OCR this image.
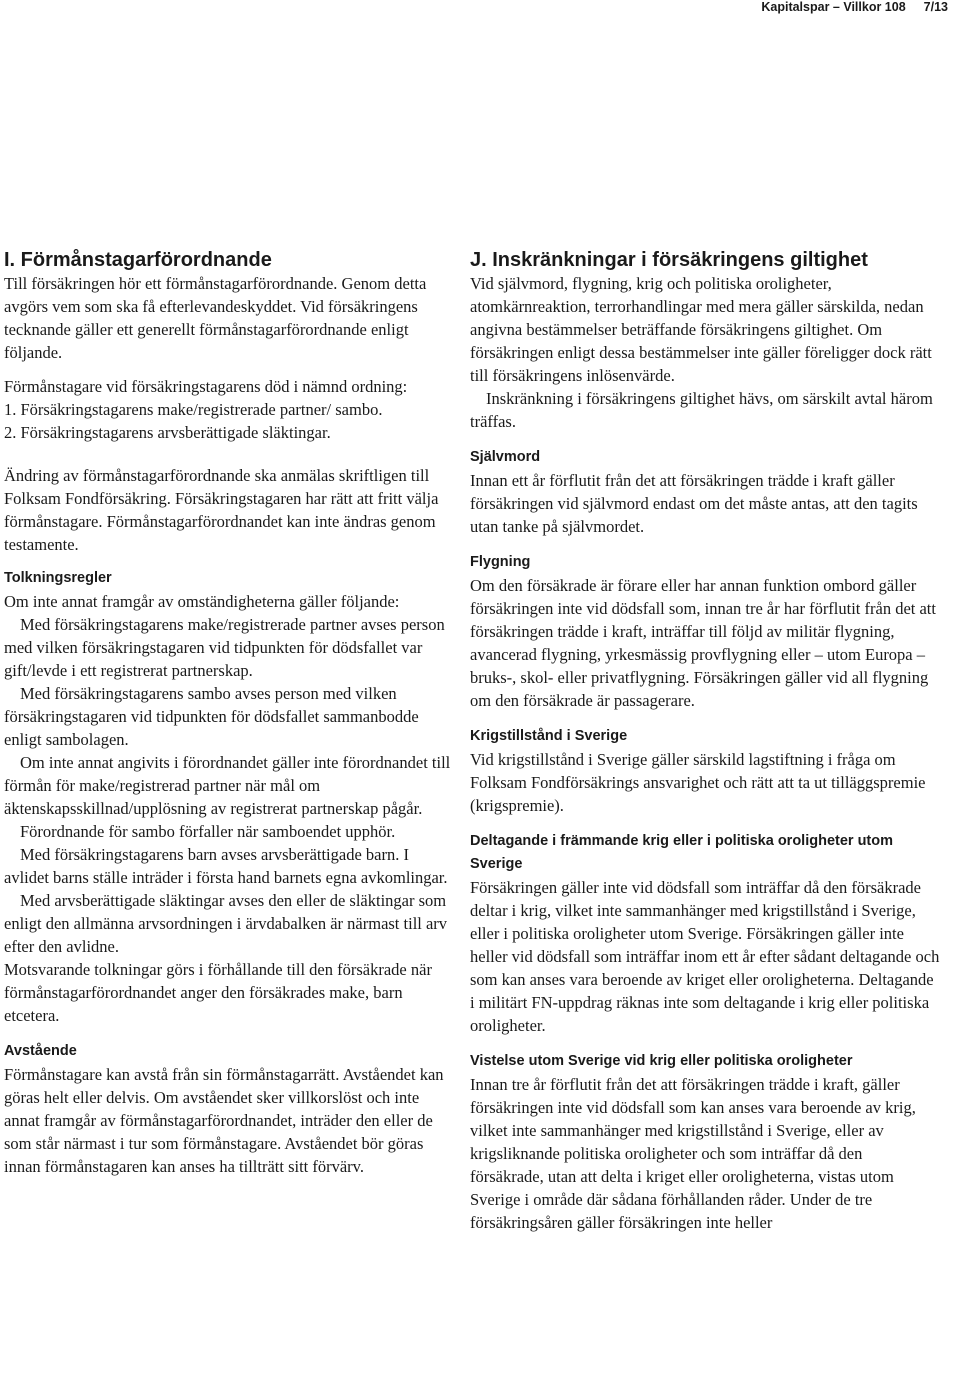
Kapitalspar – Villkor 108 7/13
I. Förmånstagarförordnande

Till försäkringen hör ett förmånstagarförordnande. Genom detta avgörs vem som ska få efterlevandeskyddet. Vid försäkringens tecknande gäller ett generellt förmånstagarförordnande enligt följande.

Förmånstagare vid försäkringstagarens död i nämnd ordning:

1. Försäkringstagarens make/registrerade partner/ sambo.

2. Försäkringstagarens arvsberättigade släktingar.

Ändring av förmånstagarförordnande ska anmälas skriftligen till Folksam Fondförsäkring. Försäkringstagaren har rätt att fritt välja förmånstagare. Förmånstagarförordnandet kan inte ändras genom testamente.

Tolkningsregler

Om inte annat framgår av omständigheterna gäller följande:

Med försäkringstagarens make/registrerade partner avses person med vilken försäkringstagaren vid tidpunkten för dödsfallet var gift/levde i ett registrerat partnerskap.

Med försäkringstagarens sambo avses person med vilken försäkringstagaren vid tidpunkten för dödsfallet sammanbodde enligt sambolagen.

Om inte annat angivits i förordnandet gäller inte förordnandet till förmån för make/registrerad partner när mål om äktenskapsskillnad/upplösning av registrerat partnerskap pågår.

Förordnande för sambo förfaller när samboendet upphör.

Med försäkringstagarens barn avses arvsberättigade barn. I avlidet barns ställe inträder i första hand barnets egna avkomlingar.

Med arvsberättigade släktingar avses den eller de släktingar som enligt den allmänna arvsordningen i ärvdabalken är närmast till arv efter den avlidne.

Motsvarande tolkningar görs i förhållande till den försäkrade när förmånstagarförordnandet anger den försäkrades make, barn etcetera.

Avstående

Förmånstagare kan avstå från sin förmånstagarrätt. Avståendet kan göras helt eller delvis. Om avståendet sker villkorslöst och inte annat framgår av förmånstagarförordnandet, inträder den eller de som står närmast i tur som förmånstagare. Avståendet bör göras innan förmånstagaren kan anses ha tillträtt sitt förvärv.

J. Inskränkningar i försäkringens giltighet

Vid självmord, flygning, krig och politiska oroligheter, atomkärnreaktion, terrorhandlingar med mera gäller särskilda, nedan angivna bestämmelser beträffande försäkringens giltighet. Om försäkringen enligt dessa bestämmelser inte gäller föreligger dock rätt till försäkringens inlösenvärde.

Inskränkning i försäkringens giltighet hävs, om särskilt avtal härom träffas.

Självmord

Innan ett år förflutit från det att försäkringen trädde i kraft gäller försäkringen vid självmord endast om det måste antas, att den tagits utan tanke på självmordet.

Flygning

Om den försäkrade är förare eller har annan funktion ombord gäller försäkringen inte vid dödsfall som, innan tre år har förflutit från det att försäkringen trädde i kraft, inträffar till följd av militär flygning, avancerad flygning, yrkesmässig provflygning eller – utom Europa – bruks-, skol- eller privatflygning. Försäkringen gäller vid all flygning om den försäkrade är passagerare.

Krigstillstånd i Sverige

Vid krigstillstånd i Sverige gäller särskild lagstiftning i fråga om Folksam Fondförsäkrings ansvarighet och rätt att ta ut tilläggspremie (krigspremie).

Deltagande i främmande krig eller i politiska oroligheter utom Sverige

Försäkringen gäller inte vid dödsfall som inträffar då den försäkrade deltar i krig, vilket inte sammanhänger med krigstillstånd i Sverige, eller i politiska oroligheter utom Sverige. Försäkringen gäller inte heller vid dödsfall som inträffar inom ett år efter sådant deltagande och som kan anses vara beroende av kriget eller oroligheterna. Deltagande i militärt FN-uppdrag räknas inte som deltagande i krig eller politiska oroligheter.

Vistelse utom Sverige vid krig eller politiska oroligheter

Innan tre år förflutit från det att försäkringen trädde i kraft, gäller försäkringen inte vid dödsfall som kan anses vara beroende av krig, vilket inte sammanhänger med krigstillstånd i Sverige, eller av krigsliknande politiska oroligheter och som inträffar då den försäkrade, utan att delta i kriget eller oroligheterna, vistas utom Sverige i område där sådana förhållanden råder. Under de tre försäkringsåren gäller försäkringen inte heller
